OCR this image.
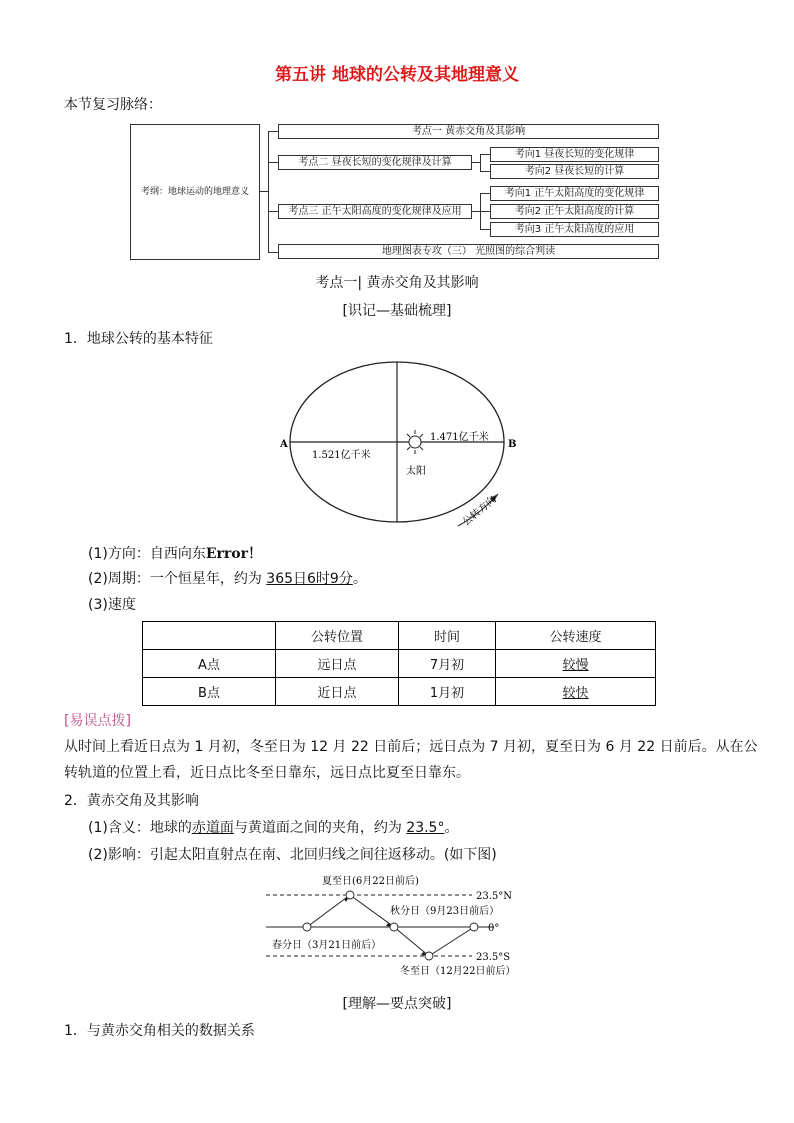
第五讲 地球的公转及其地理意义
本节复习脉络：
考纲：地球运动的地理意义
考点一 黄赤交角及其影响
考点二 昼夜长短的变化规律及计算
考点三 正午太阳高度的变化规律及应用
地理图表专攻（三） 光照图的综合判读
考向1 昼夜长短的变化规律
考向2 昼夜长短的计算
考向1 正午太阳高度的变化规律
考向2 正午太阳高度的计算
考向3 正午太阳高度的应用
考点一| 黄赤交角及其影响
[识记—基础梳理]
1．地球公转的基本特征
A	B
1.521亿千米
1.471亿千米
太阳
公转方向
(1)方向：自西向东Error！
(2)周期：一个恒星年，约为 365日6时9分。
(3)速度
	公转位置	时间	公转速度
A点	远日点	7月初	较慢
B点	近日点	1月初	较快
[易误点拨]
从时间上看近日点为 1 月初，冬至日为 12 月 22 日前后；远日点为 7 月初，夏至日为 6 月 22 日前后。从在公
转轨道的位置上看，近日点比冬至日靠东，远日点比夏至日靠东。
2．黄赤交角及其影响
(1)含义：地球的赤道面与黄道面之间的夹角，约为 23.5°。
(2)影响：引起太阳直射点在南、北回归线之间往返移动。(如下图)
夏至日(6月22日前后)
秋分日（9月23日前后）
春分日（3月21日前后）
冬至日（12月22日前后）
23.5°N
0°
23.5°S
[理解—要点突破]
1．与黄赤交角相关的数据关系
